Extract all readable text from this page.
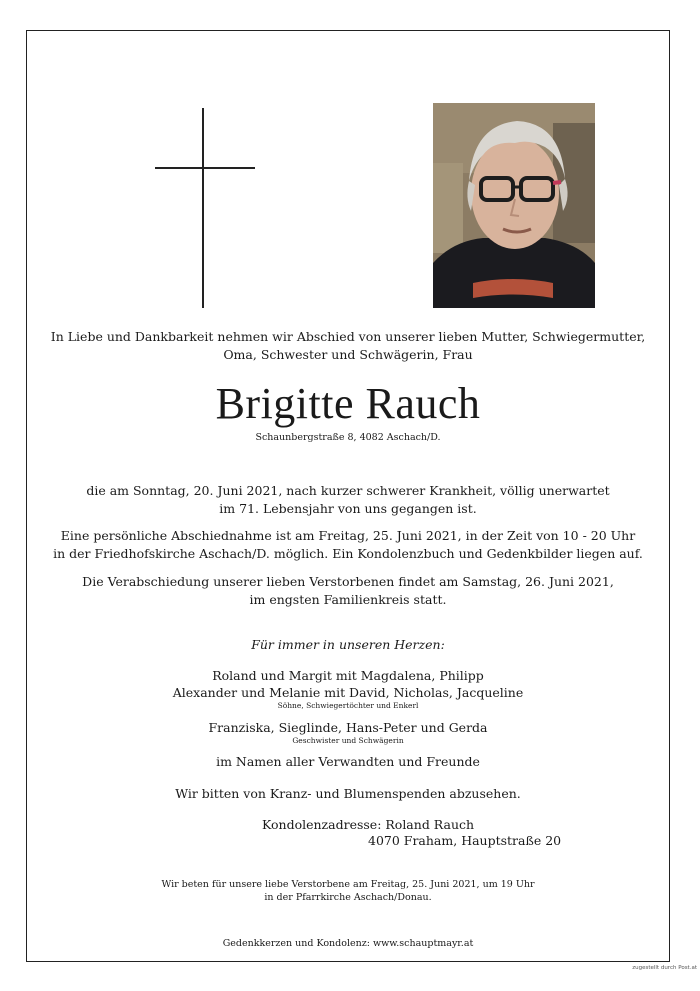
In Liebe und Dankbarkeit nehmen wir Abschied von unserer lieben Mutter, Schwiegermutter,
Oma, Schwester und Schwägerin, Frau
Brigitte Rauch
Schaunbergstraße 8, 4082 Aschach/D.
die am Sonntag, 20. Juni 2021, nach kurzer schwerer Krankheit, völlig unerwartet
im 71. Lebensjahr von uns gegangen ist.
Eine persönliche Abschiednahme ist am Freitag, 25. Juni 2021, in der Zeit von 10 - 20 Uhr
in der Friedhofskirche Aschach/D. möglich. Ein Kondolenzbuch und Gedenkbilder liegen auf.
Die Verabschiedung unserer lieben Verstorbenen findet am Samstag, 26. Juni 2021,
im engsten Familienkreis statt.
Für immer in unseren Herzen:
Roland und Margit mit Magdalena, Philipp
Alexander und Melanie mit David, Nicholas, Jacqueline
Söhne, Schwiegertöchter und Enkerl
Franziska, Sieglinde, Hans-Peter und Gerda
Geschwister und Schwägerin
im Namen aller Verwandten und Freunde
Wir bitten von Kranz- und Blumenspenden abzusehen.
Kondolenzadresse: Roland Rauch
4070 Fraham, Hauptstraße 20
Wir beten für unsere liebe Verstorbene am Freitag, 25. Juni 2021, um 19 Uhr
in der Pfarrkirche Aschach/Donau.
Gedenkkerzen und Kondolenz: www.schauptmayr.at
zugestellt durch Post.at
